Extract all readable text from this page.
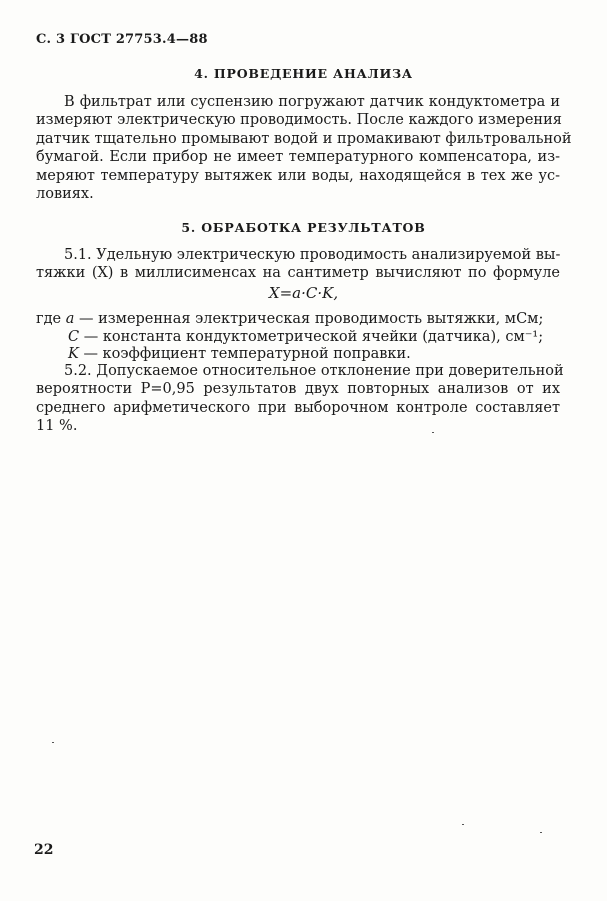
С. 3 ГОСТ 27753.4—88
4. ПРОВЕДЕНИЕ АНАЛИЗА
В фильтрат или суспензию погружают датчик кондуктометра и
измеряют электрическую проводимость. После каждого измерения
датчик тщательно промывают водой и промакивают фильтровальной
бумагой. Если прибор не имеет температурного компенсатора, из-
меряют температуру вытяжек или воды, находящейся в тех же ус-
ловиях.
5. ОБРАБОТКА РЕЗУЛЬТАТОВ
5.1. Удельную электрическую проводимость анализируемой вы-
тяжки (X) в миллисименсах на сантиметр вычисляют по формуле
X=a·C·K,
где a — измеренная электрическая проводимость вытяжки, мСм;
C — константа кондуктометрической ячейки (датчика), см⁻¹;
K — коэффициент температурной поправки.
5.2. Допускаемое относительное отклонение при доверительной
вероятности P=0,95 результатов двух повторных анализов от их
среднего арифметического при выборочном контроле составляет
11 %.
22
